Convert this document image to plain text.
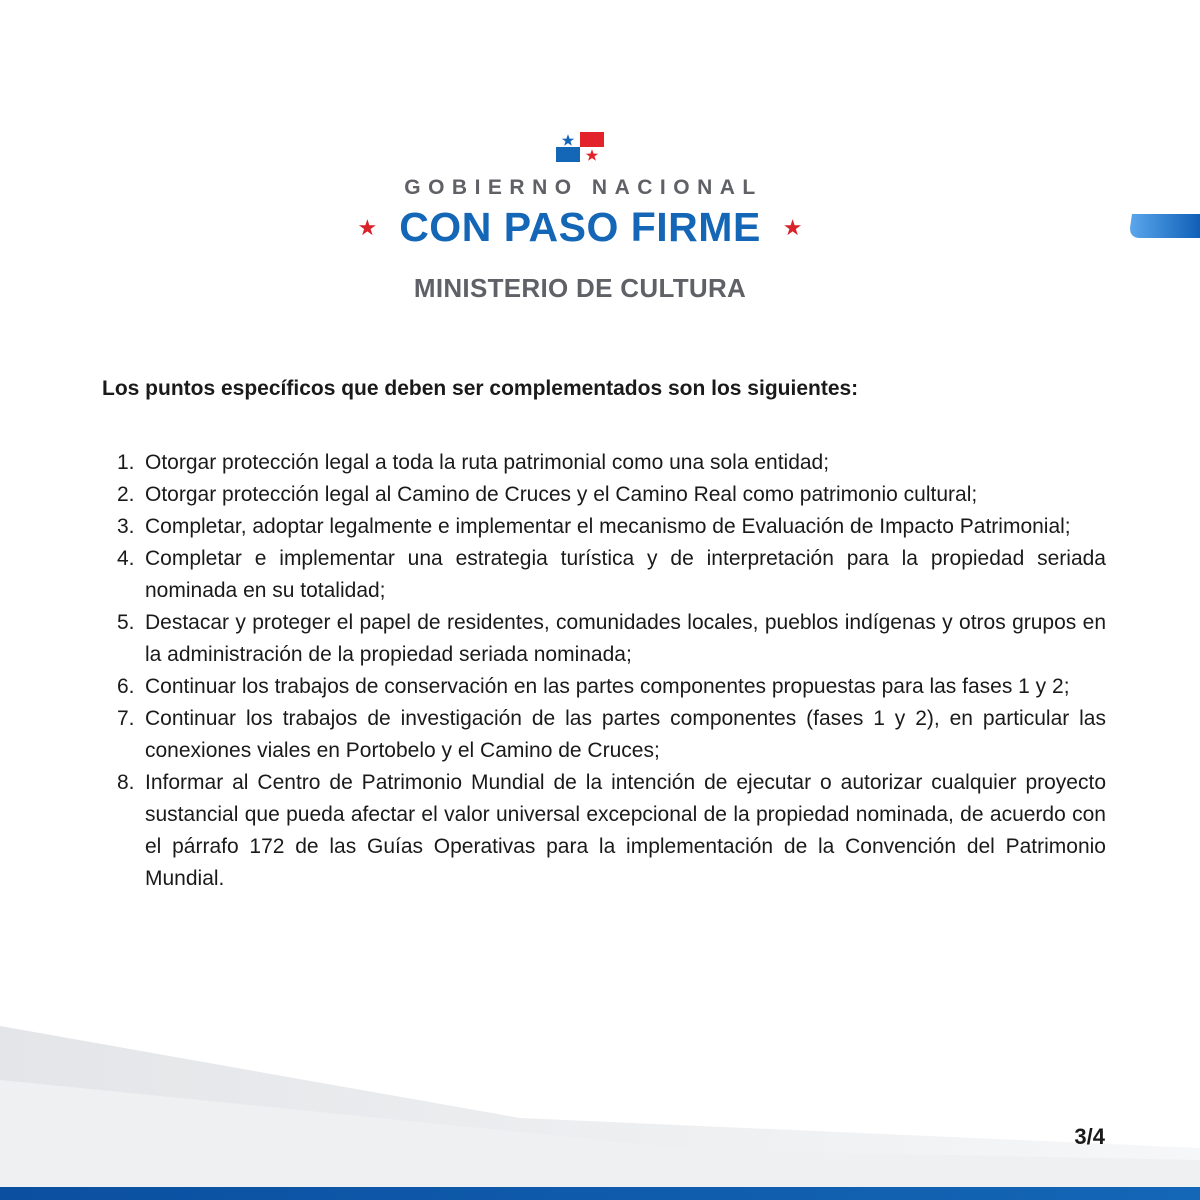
GOBIERNO NACIONAL
★ CON PASO FIRME ★
MINISTERIO DE CULTURA

Los puntos específicos que deben ser complementados son los siguientes:

1. Otorgar protección legal a toda la ruta patrimonial como una sola entidad;
2. Otorgar protección legal al Camino de Cruces y el Camino Real como patrimonio cultural;
3. Completar, adoptar legalmente e implementar el mecanismo de Evaluación de Impacto Patrimonial;
4. Completar e implementar una estrategia turística y de interpretación para la propiedad seriada nominada en su totalidad;
5. Destacar y proteger el papel de residentes, comunidades locales, pueblos indígenas y otros grupos en la administración de la propiedad seriada nominada;
6. Continuar los trabajos de conservación en las partes componentes propuestas para las fases 1 y 2;
7. Continuar los trabajos de investigación de las partes componentes (fases 1 y 2), en particular las conexiones viales en Portobelo y el Camino de Cruces;
8. Informar al Centro de Patrimonio Mundial de la intención de ejecutar o autorizar cualquier proyecto sustancial que pueda afectar el valor universal excepcional de la propiedad nominada, de acuerdo con el párrafo 172 de las Guías Operativas para la implementación de la Convención del Patrimonio Mundial.
3/4
